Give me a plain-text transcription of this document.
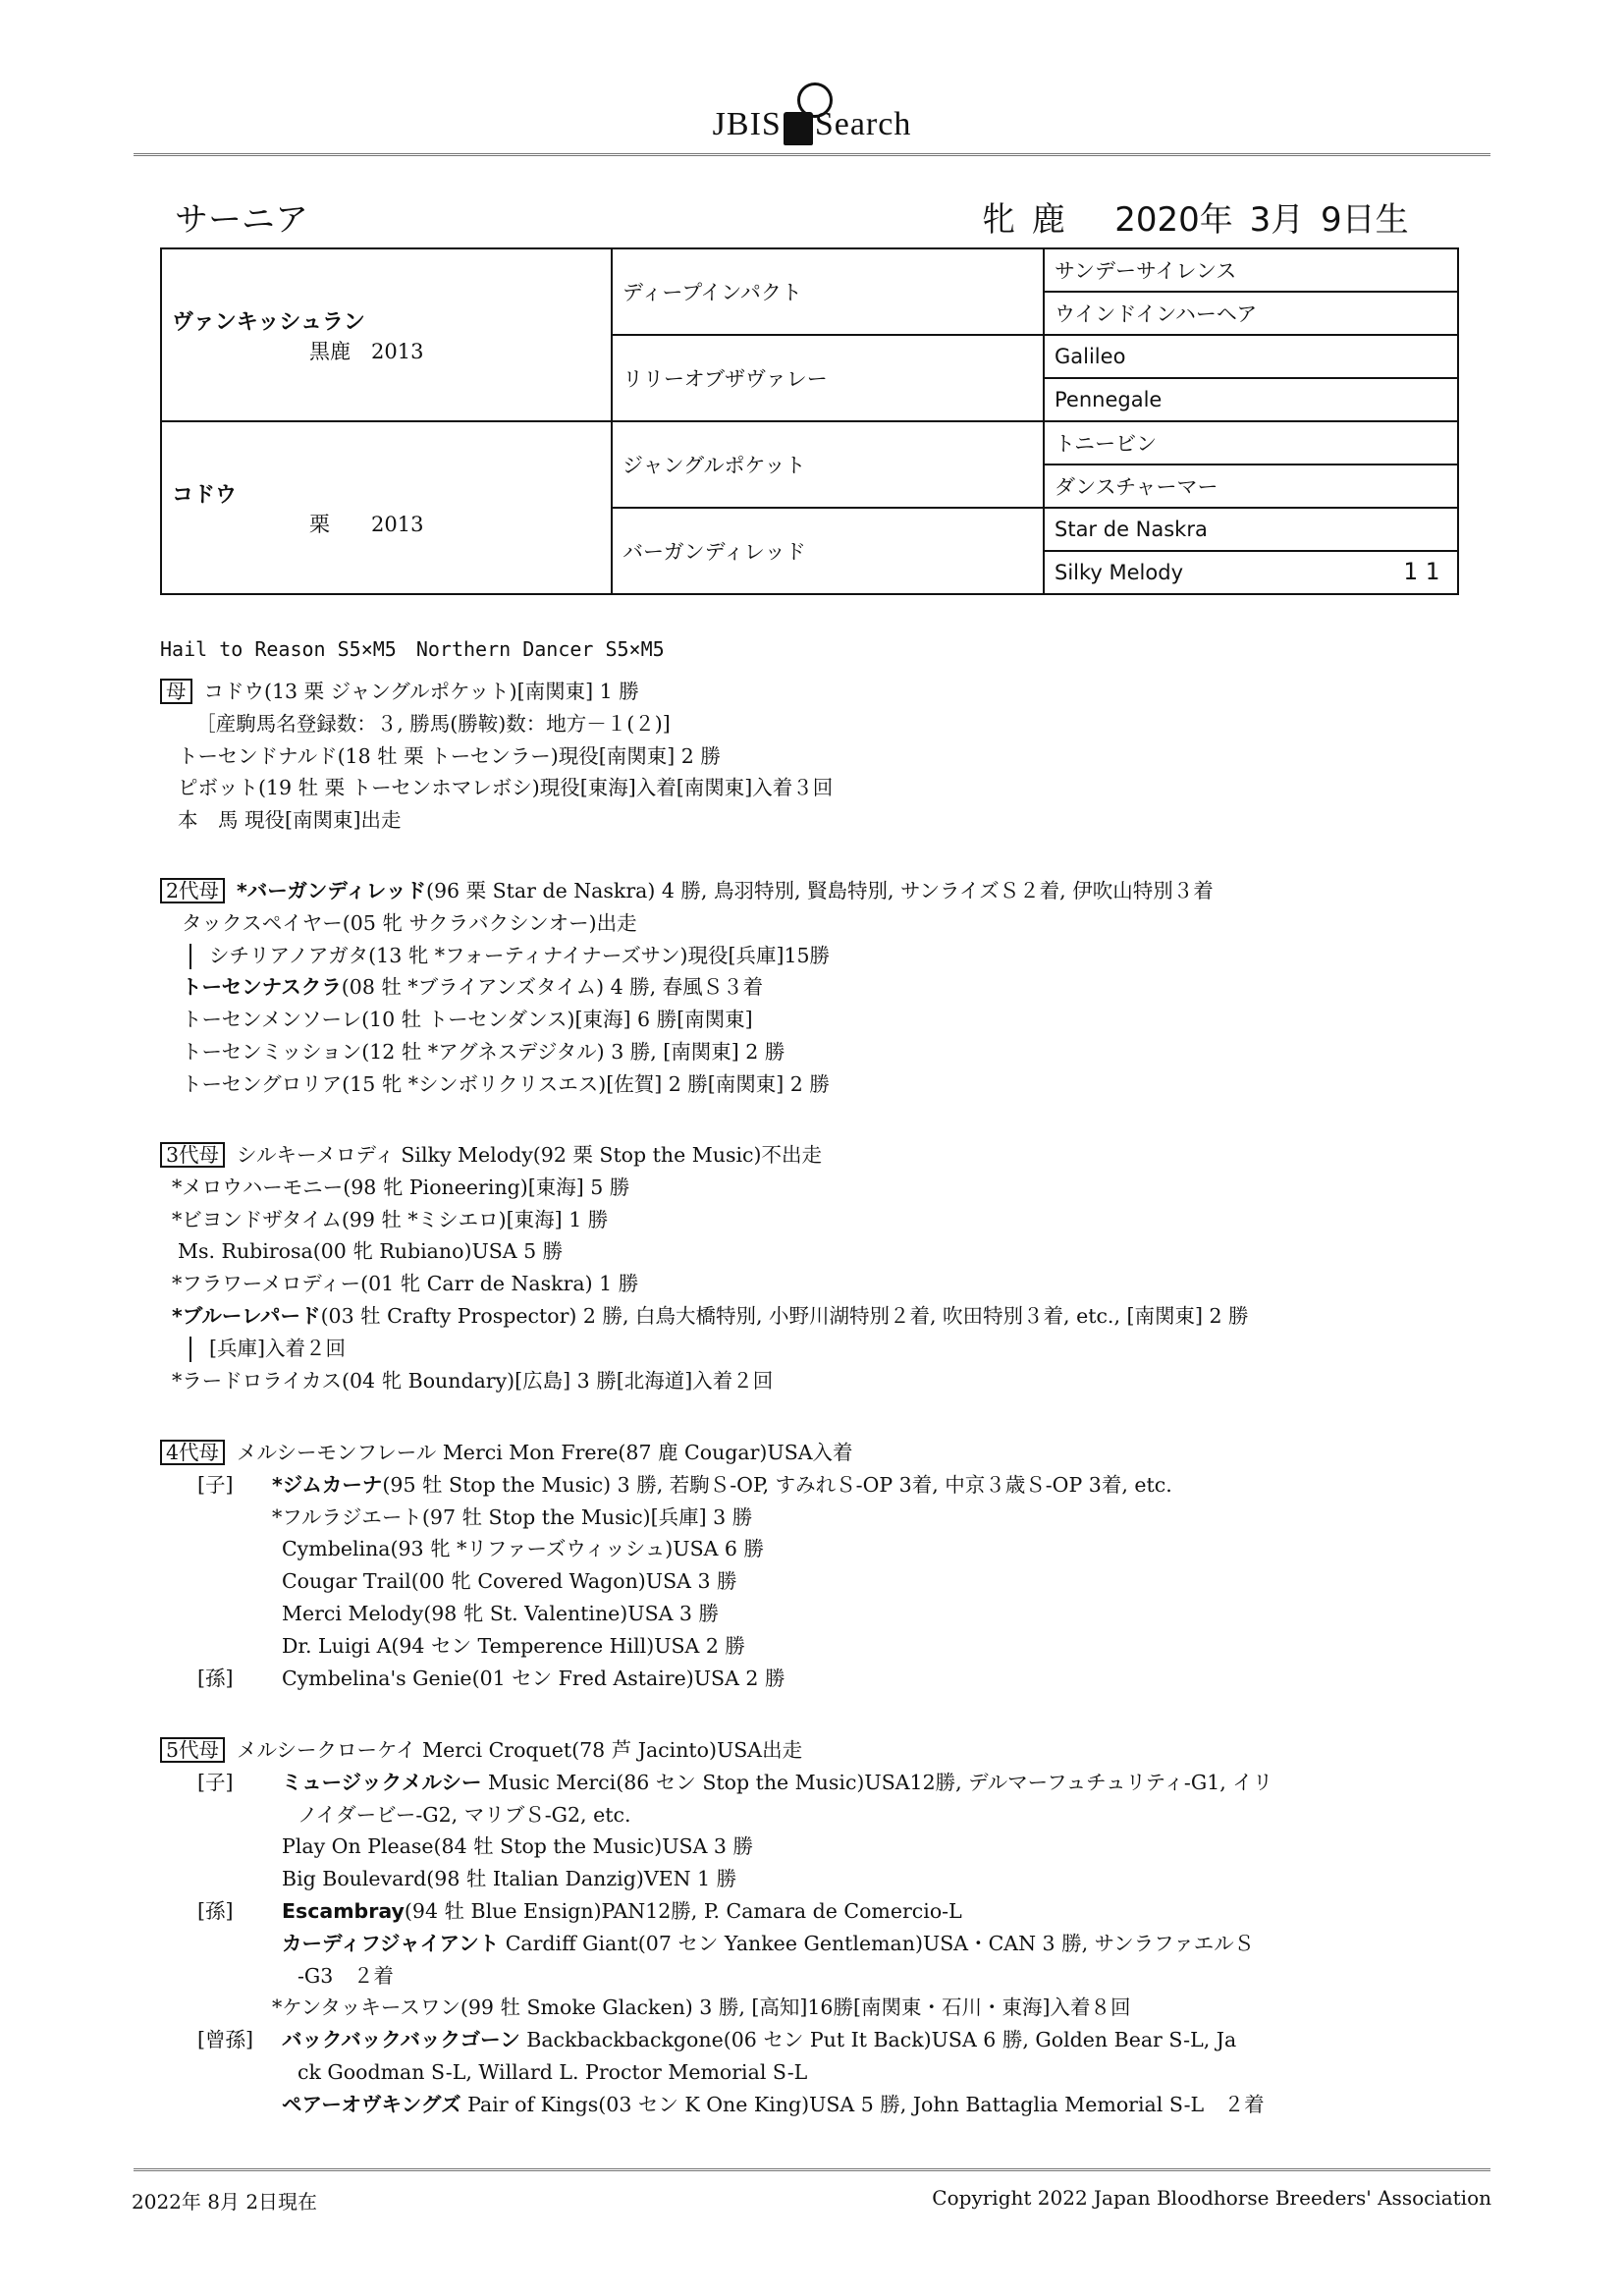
JBIS Search
サーニア	牝 鹿 2020年 3月 9日生
ヴァンキッシュラン
黒鹿　2013	ディープインパクト	サンデーサイレンス
		ウインドインハーヘア
	リリーオブザヴァレー	Galileo
		Pennegale

コドウ
栗　　2013	ジャングルポケット	トニービン
		ダンスチャーマー
	バーガンディレッド	Star de Naskra
		Silky Melody 11
Hail to Reason S5×M5　Northern Dancer S5×M5
母 コドウ(13 栗 ジャングルポケット)[南関東] 1 勝
　［産駒馬名登録数：３, 勝馬(勝鞍)数：地方－１(２)]
トーセンドナルド(18 牡 栗 トーセンラー)現役[南関東] 2 勝
ピボット(19 牡 栗 トーセンホマレボシ)現役[東海]入着[南関東]入着３回
本　馬 現役[南関東]出走
2代母 *バーガンディレッド(96 栗 Star de Naskra) 4 勝, 鳥羽特別, 賢島特別, サンライズＳ２着, 伊吹山特別３着
タックスペイヤー(05 牝 サクラバクシンオー)出走
シチリアノアガタ(13 牝 *フォーティナイナーズサン)現役[兵庫]15勝
トーセンナスクラ(08 牡 *ブライアンズタイム) 4 勝, 春風Ｓ３着
トーセンメンソーレ(10 牡 トーセンダンス)[東海] 6 勝[南関東]
トーセンミッション(12 牡 *アグネスデジタル) 3 勝, [南関東] 2 勝
トーセングロリア(15 牝 *シンボリクリスエス)[佐賀] 2 勝[南関東] 2 勝
3代母 シルキーメロディ Silky Melody(92 栗 Stop the Music)不出走
*メロウハーモニー(98 牝 Pioneering)[東海] 5 勝
*ビヨンドザタイム(99 牡 *ミシエロ)[東海] 1 勝
Ms. Rubirosa(00 牝 Rubiano)USA 5 勝
*フラワーメロディー(01 牝 Carr de Naskra) 1 勝
*ブルーレパード(03 牡 Crafty Prospector) 2 勝, 白鳥大橋特別, 小野川湖特別２着, 吹田特別３着, etc., [南関東] 2 勝
[兵庫]入着２回
*ラードロライカス(04 牝 Boundary)[広島] 3 勝[北海道]入着２回
4代母 メルシーモンフレール Merci Mon Frere(87 鹿 Cougar)USA入着
[子] *ジムカーナ(95 牡 Stop the Music) 3 勝, 若駒Ｓ-OP, すみれＳ-OP 3着, 中京３歳Ｓ-OP 3着, etc.
*フルラジエート(97 牡 Stop the Music)[兵庫] 3 勝
Cymbelina(93 牝 *リファーズウィッシュ)USA 6 勝
Cougar Trail(00 牝 Covered Wagon)USA 3 勝
Merci Melody(98 牝 St. Valentine)USA 3 勝
Dr. Luigi A(94 セン Temperence Hill)USA 2 勝
[孫] Cymbelina's Genie(01 セン Fred Astaire)USA 2 勝
5代母 メルシークローケイ Merci Croquet(78 芦 Jacinto)USA出走
[子] ミュージックメルシー Music Merci(86 セン Stop the Music)USA12勝, デルマーフュチュリティ-G1, イリ
ノイダービー-G2, マリブＳ-G2, etc.
Play On Please(84 牡 Stop the Music)USA 3 勝
Big Boulevard(98 牡 Italian Danzig)VEN 1 勝
[孫] Escambray(94 牡 Blue Ensign)PAN12勝, P. Camara de Comercio-L
カーディフジャイアント Cardiff Giant(07 セン Yankee Gentleman)USA・CAN 3 勝, サンラファエルＳ
-G3　２着
*ケンタッキースワン(99 牡 Smoke Glacken) 3 勝, [高知]16勝[南関東・石川・東海]入着８回
[曾孫] バックバックバックゴーン Backbackbackgone(06 セン Put It Back)USA 6 勝, Golden Bear S-L, Ja
ck Goodman S-L, Willard L. Proctor Memorial S-L
ペアーオヴキングズ Pair of Kings(03 セン K One King)USA 5 勝, John Battaglia Memorial S-L　２着
2022年 8月 2日現在	Copyright 2022 Japan Bloodhorse Breeders' Association
